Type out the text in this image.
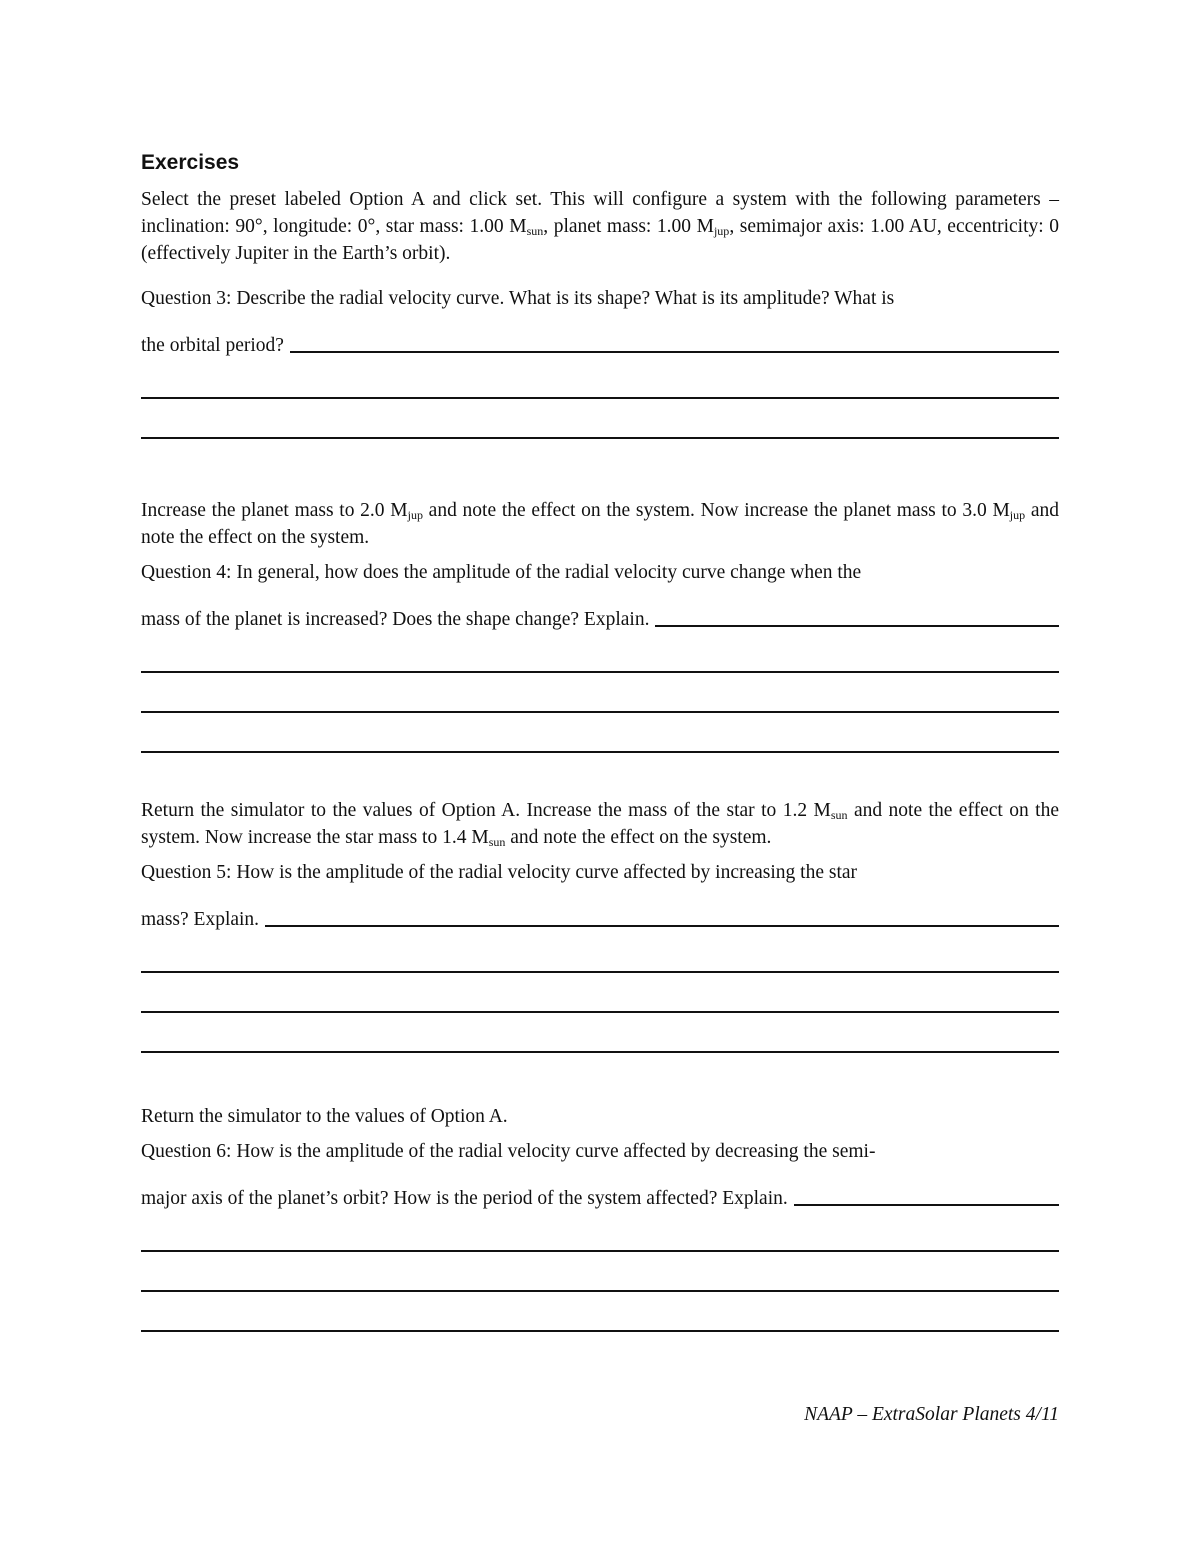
Exercises

Select the preset labeled Option A and click set. This will configure a system with the following parameters – inclination: 90°, longitude: 0°, star mass: 1.00 $M_{sun}$, planet mass: 1.00 $M_{jup}$, semimajor axis: 1.00 AU, eccentricity: 0 (effectively Jupiter in the Earth’s orbit).

Question 3: Describe the radial velocity curve. What is its shape? What is its amplitude? What is
the orbital period?

Increase the planet mass to 2.0 $M_{jup}$ and note the effect on the system. Now increase the planet mass to 3.0 $M_{jup}$ and note the effect on the system.

Question 4: In general, how does the amplitude of the radial velocity curve change when the
mass of the planet is increased? Does the shape change? Explain.

Return the simulator to the values of Option A. Increase the mass of the star to 1.2 $M_{sun}$ and note the effect on the system. Now increase the star mass to 1.4 $M_{sun}$ and note the effect on the system.

Question 5: How is the amplitude of the radial velocity curve affected by increasing the star
mass? Explain.

Return the simulator to the values of Option A.

Question 6: How is the amplitude of the radial velocity curve affected by decreasing the semi-
major axis of the planet’s orbit? How is the period of the system affected? Explain.
NAAP – ExtraSolar Planets 4/11
